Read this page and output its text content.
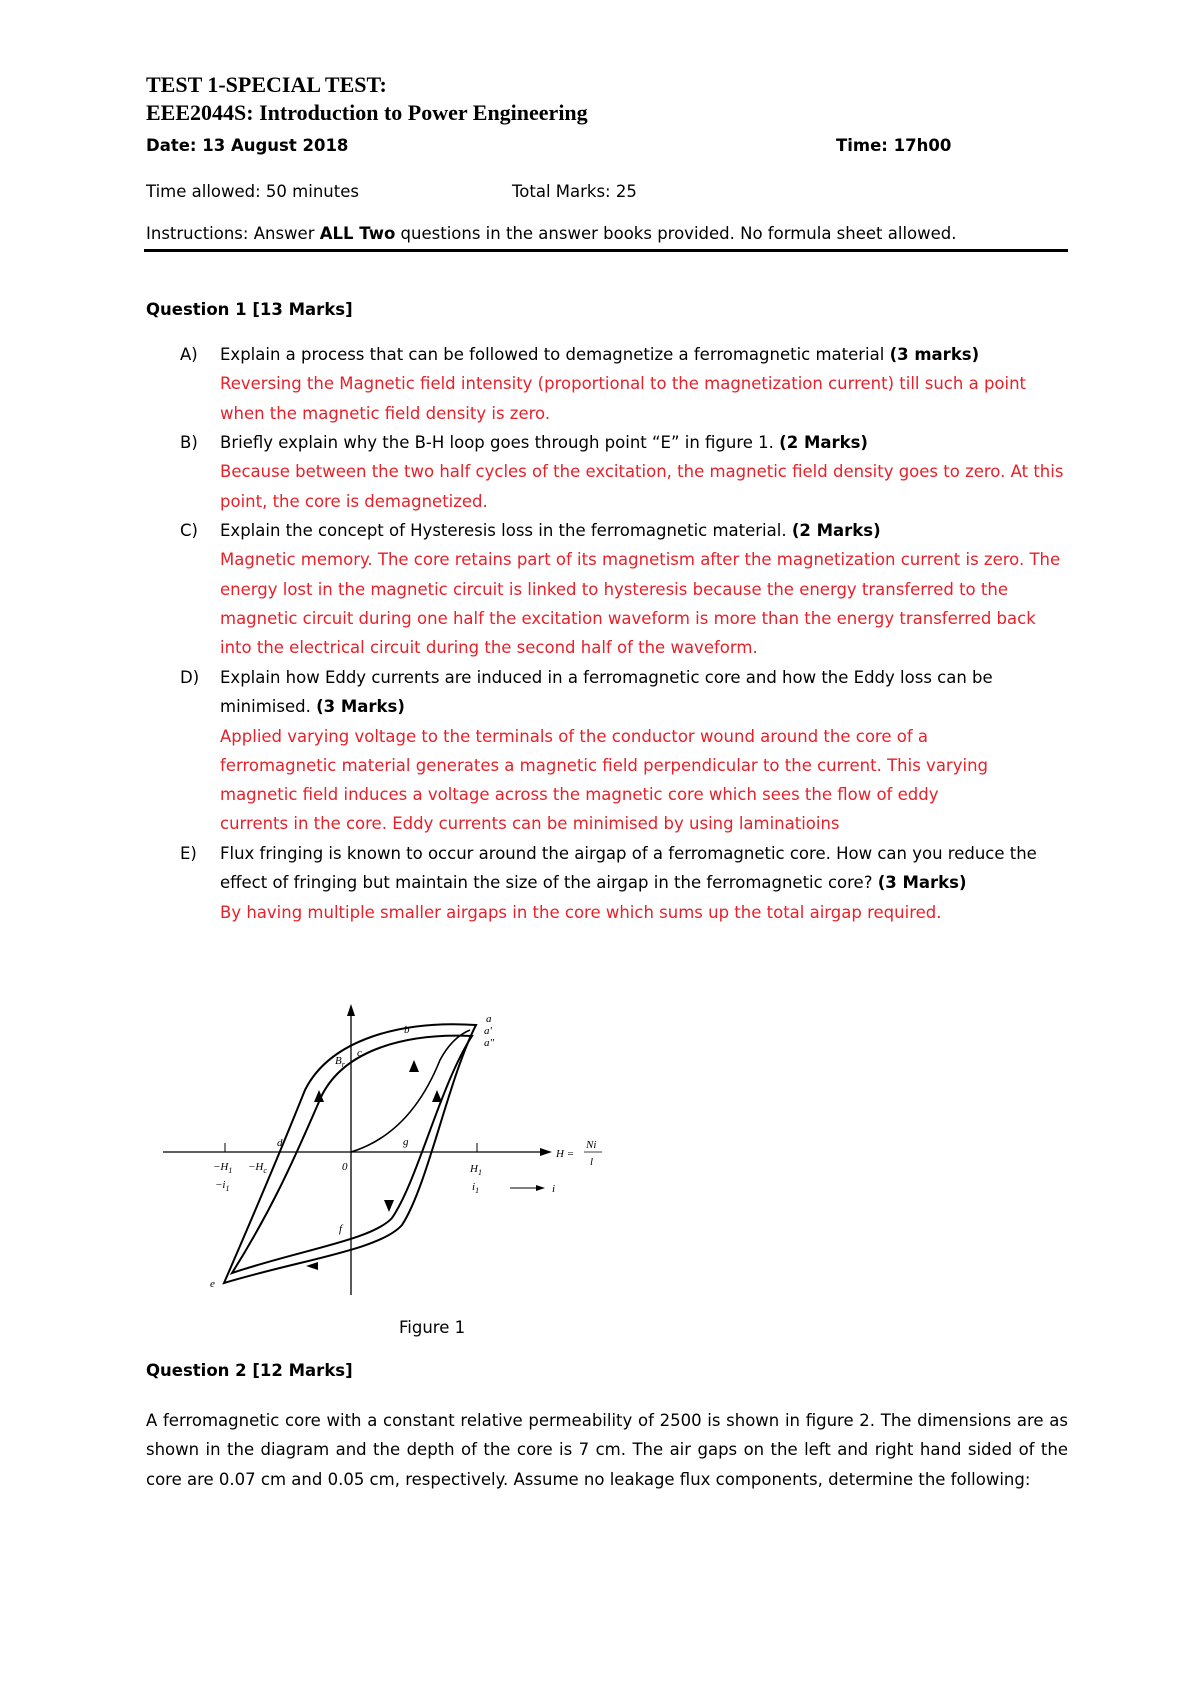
TEST 1-SPECIAL TEST:
EEE2044S: Introduction to Power Engineering
Date: 13 August 2018	Time: 17h00
Time allowed: 50 minutes	Total Marks: 25
Instructions: Answer ALL Two questions in the answer books provided. No formula sheet allowed.
Question 1 [13 Marks]
A) Explain a process that can be followed to demagnetize a ferromagnetic material (3 marks)
Reversing the Magnetic field intensity (proportional to the magnetization current) till such a point when the magnetic field density is zero.
B) Briefly explain why the B-H loop goes through point “E” in figure 1. (2 Marks)
Because between the two half cycles of the excitation, the magnetic field density goes to zero. At this point, the core is demagnetized.
C) Explain the concept of Hysteresis loss in the ferromagnetic material. (2 Marks)
Magnetic memory. The core retains part of its magnetism after the magnetization current is zero. The energy lost in the magnetic circuit is linked to hysteresis because the energy transferred to the magnetic circuit during one half the excitation waveform is more than the energy transferred back into the electrical circuit during the second half of the waveform.
D) Explain how Eddy currents are induced in a ferromagnetic core and how the Eddy loss can be minimised. (3 Marks)
Applied varying voltage to the terminals of the conductor wound around the core of a ferromagnetic material generates a magnetic field perpendicular to the current. This varying magnetic field induces a voltage across the magnetic core which sees the flow of eddy currents in the core. Eddy currents can be minimised by using laminatioins
E) Flux fringing is known to occur around the airgap of a ferromagnetic core. How can you reduce the effect of fringing but maintain the size of the airgap in the ferromagnetic core? (3 Marks)
By having multiple smaller airgaps in the core which sums up the total airgap required.
a
a'
a"
b
c
$B_r$
d
e
f
g
0
$-H_1 -H_c$
$-i_1$
$H_1$
$i_1$
H =
Ni
l
i
Figure 1
Question 2 [12 Marks]
A ferromagnetic core with a constant relative permeability of 2500 is shown in figure 2. The dimensions are as shown in the diagram and the depth of the core is 7 cm. The air gaps on the left and right hand sided of the core are 0.07 cm and 0.05 cm, respectively. Assume no leakage flux components, determine the following:
